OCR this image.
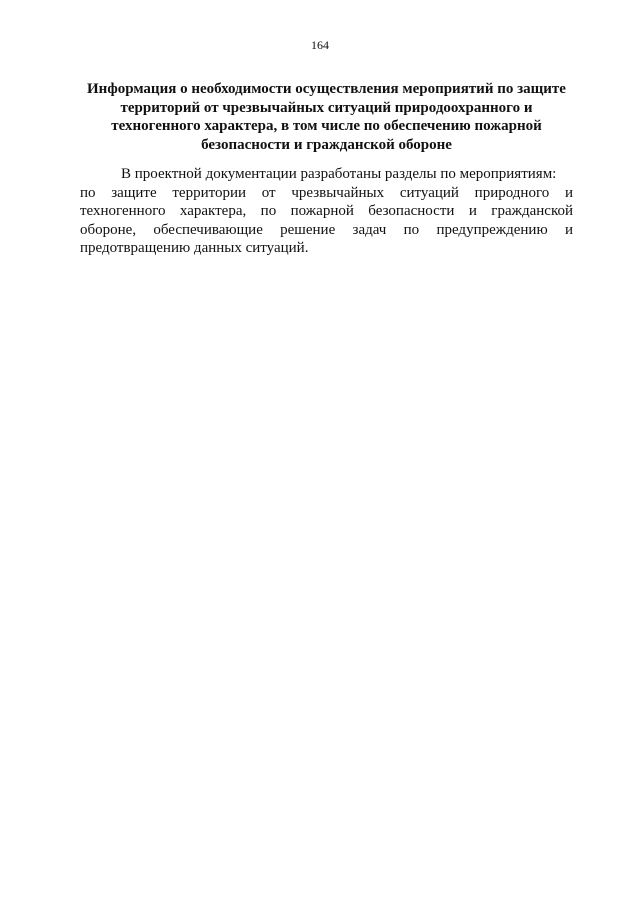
164
Информация о необходимости осуществления мероприятий по защите
территорий от чрезвычайных ситуаций природоохранного и
техногенного характера, в том числе по обеспечению пожарной
безопасности и гражданской обороне
В проектной документации разработаны разделы по мероприятиям:
по защите территории от чрезвычайных ситуаций природного и
техногенного характера, по пожарной безопасности и гражданской
обороне, обеспечивающие решение задач по предупреждению и
предотвращению данных ситуаций.
